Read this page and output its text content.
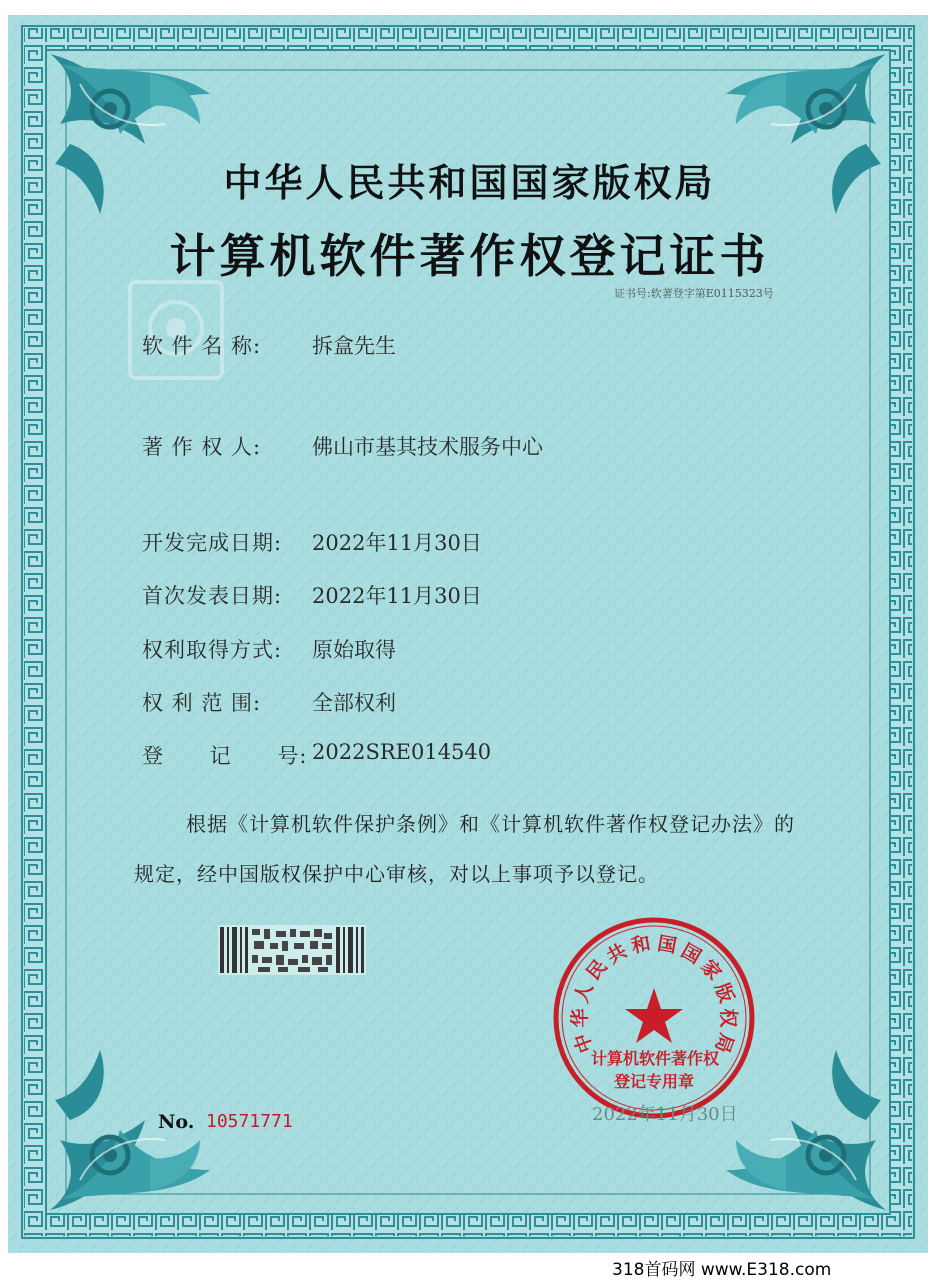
中
华
人
民
共 和 国 国
家
版
权
局
中华人民共和国国家版权局
计算机软件著作权登记证书
证书号:软著登字第E0115323号
软 件 名 称: 拆盒先生
著 作 权 人: 佛山市基其技术服务中心
开发完成日期: 2022年11月30日
首次发表日期: 2022年11月30日
权利取得方式: 原始取得
权 利 范 围: 全部权利
登 记 号: 2022SRE014540
根据《计算机软件保护条例》和《计算机软件著作权登记办法》的
规定，经中国版权保护中心审核，对以上事项予以登记。
计算机软件著作权
登记专用章
No. 10571771	2022年11月30日
318首码网 www.E318.com
